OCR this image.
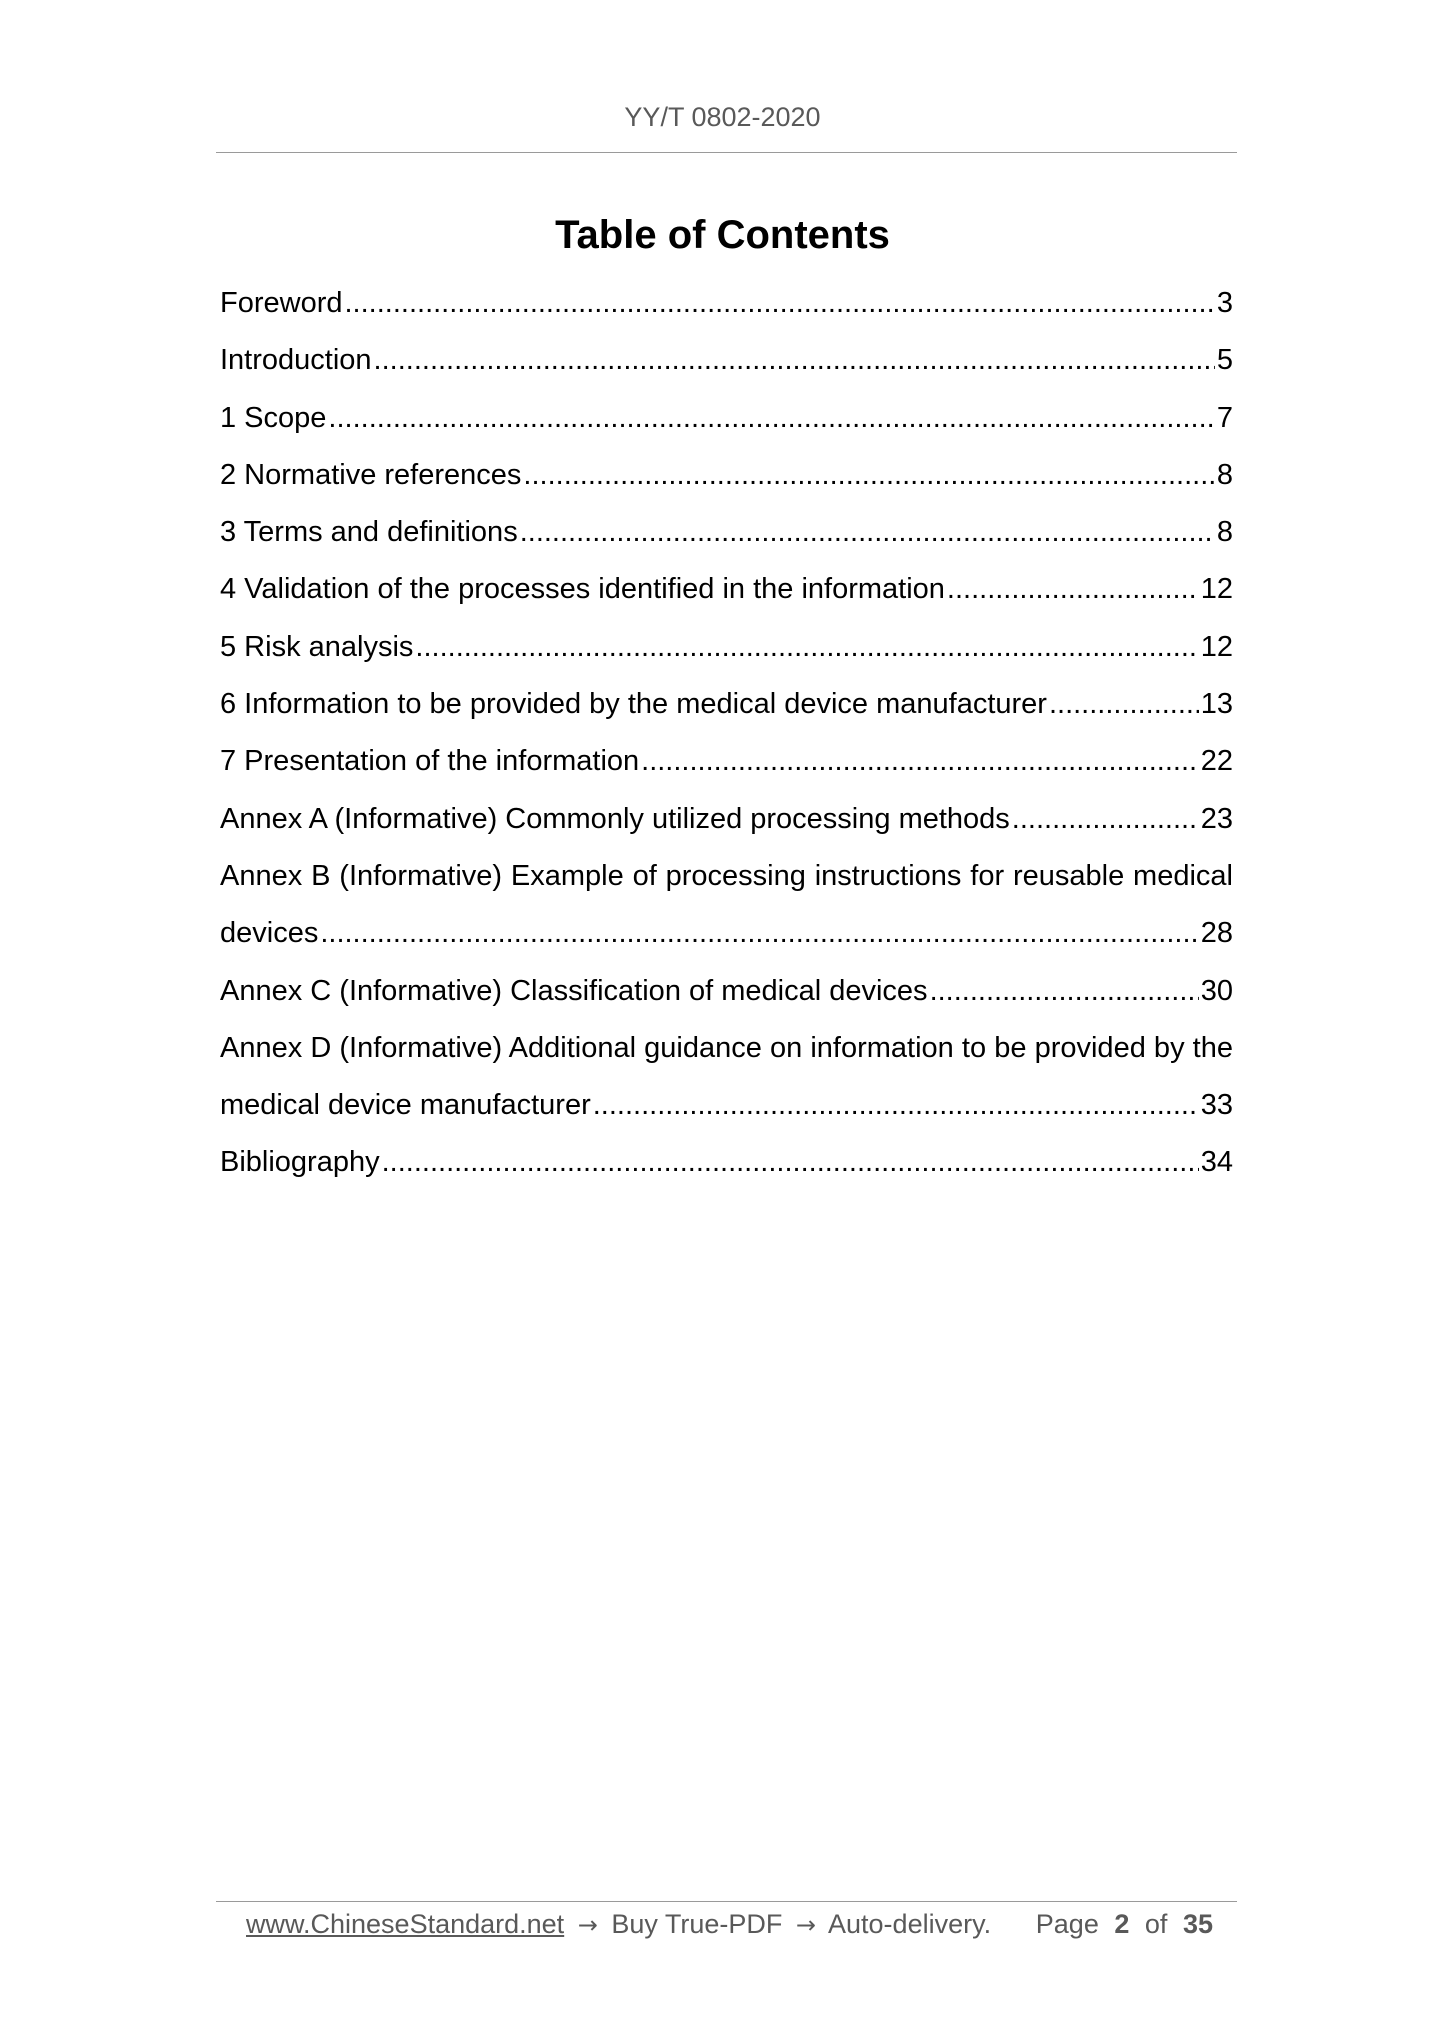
YY/T 0802-2020
Table of Contents
Foreword .....	3
Introduction .....	5
1 Scope .....	7
2 Normative references .....	8
3 Terms and definitions .....	8
4 Validation of the processes identified in the information .....	12
5 Risk analysis .....	12
6 Information to be provided by the medical device manufacturer .....	13
7 Presentation of the information .....	22
Annex A (Informative) Commonly utilized processing methods .....	23
Annex B (Informative) Example of processing instructions for reusable medical
devices .....	28
Annex C (Informative) Classification of medical devices .....	30
Annex D (Informative) Additional guidance on information to be provided by the
medical device manufacturer .....	33
Bibliography .....	34
www.ChineseStandard.net → Buy True-PDF → Auto-delivery. Page 2 of 35
